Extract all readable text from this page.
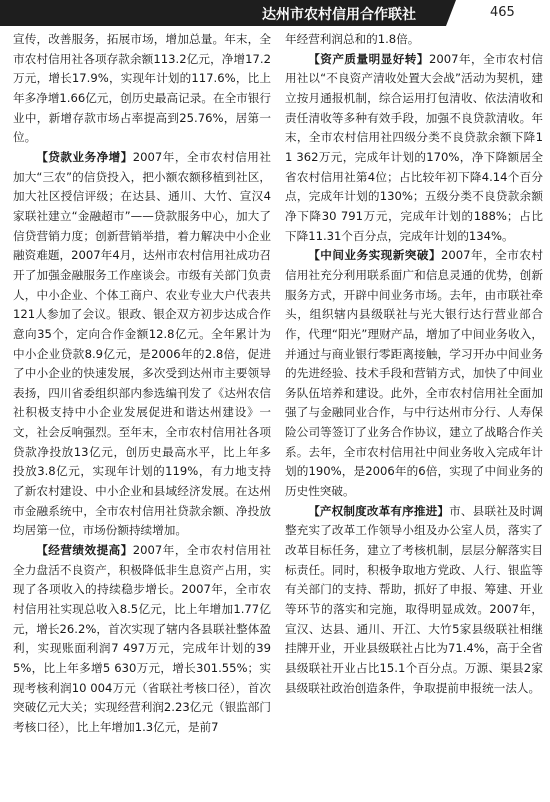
达州市农村信用合作联社	465

宣传，改善服务，拓展市场，增加总量。年末，全市农村信用社各项存款余额113.2亿元，净增17.2万元，增长17.9%，实现年计划的117.6%，比上年多净增1.66亿元，创历史最高记录。在全市银行业中，新增存款市场占率提高到25.76%，居第一位。

【贷款业务净增】2007年，全市农村信用社加大“三农”的信贷投入，把小额农额移植到社区，加大社区授信评级；在达县、通川、大竹、宣汉4家联社建立“金融超市”——贷款服务中心，加大了信贷营销力度；创新营销举措，着力解决中小企业融资难题，2007年4月，达州市农村信用社成功召开了加强金融服务工作座谈会。市级有关部门负责人，中小企业、个体工商户、农业专业大户代表共121人参加了会议。银政、银企双方初步达成合作意向35个，定向合作金额12.8亿元。全年累计为中小企业贷款8.9亿元，是2006年的2.8倍，促进了中小企业的快速发展，多次受到达州市主要领导表扬，四川省委组织部内参选编刊发了《达州农信社积极支持中小企业发展促进和谐达州建设》一文，社会反响强烈。至年末，全市农村信用社各项贷款净投放13亿元，创历史最高水平，比上年多投放3.8亿元，实现年计划的119%，有力地支持了新农村建设、中小企业和县域经济发展。在达州市金融系统中，全市农村信用社贷款余额、净投放均居第一位，市场份额持续增加。

【经营绩效提高】2007年，全市农村信用社全力盘活不良资产，积极降低非生息资产占用，实现了各项收入的持续稳步增长。2007年，全市农村信用社实现总收入8.5亿元，比上年增加1.77亿元，增长26.2%，首次实现了辖内各县联社整体盈利，实现账面利润7 497万元，完成年计划的395%，比上年多增5 630万元，增长301.55%；实现考核利润10 004万元（省联社考核口径），首次突破亿元大关；实现经营利润2.23亿元（银监部门考核口径），比上年增加1.3亿元，是前7

年经营利润总和的1.8倍。

【资产质量明显好转】2007年，全市农村信用社以“不良资产清收处置大会战”活动为契机，建立按月通报机制，综合运用打包清收、依法清收和责任清收等多种有效手段，加强不良贷款清收。年末，全市农村信用社四级分类不良贷款余额下降11 362万元，完成年计划的170%，净下降额居全省农村信用社第4位；占比较年初下降4.14个百分点，完成年计划的130%；五级分类不良贷款余额净下降30 791万元，完成年计划的188%；占比下降11.31个百分点，完成年计划的134%。

【中间业务实现新突破】2007年，全市农村信用社充分利用联系面广和信息灵通的优势，创新服务方式，开辟中间业务市场。去年，由市联社牵头，组织辖内县级联社与光大银行达行营业部合作，代理“阳光”理财产品，增加了中间业务收入，并通过与商业银行零距离接触，学习开办中间业务的先进经验、技术手段和营销方式，加快了中间业务队伍培养和建设。此外，全市农村信用社全面加强了与金融同业合作，与中行达州市分行、人寿保险公司等签订了业务合作协议，建立了战略合作关系。去年，全市农村信用社中间业务收入完成年计划的190%，是2006年的6倍，实现了中间业务的历史性突破。

【产权制度改革有序推进】市、县联社及时调整充实了改革工作领导小组及办公室人员，落实了改革目标任务，建立了考核机制，层层分解落实目标责任。同时，积极争取地方党政、人行、银监等有关部门的支持、帮助，抓好了申报、筹建、开业等环节的落实和完施，取得明显成效。2007年，宣汉、达县、通川、开江、大竹5家县级联社相继挂牌开业，开业县级联社占比为71.4%，高于全省县级联社开业占比15.1个百分点。万源、渠县2家县级联社政治创造条件，争取提前申报统一法人。
